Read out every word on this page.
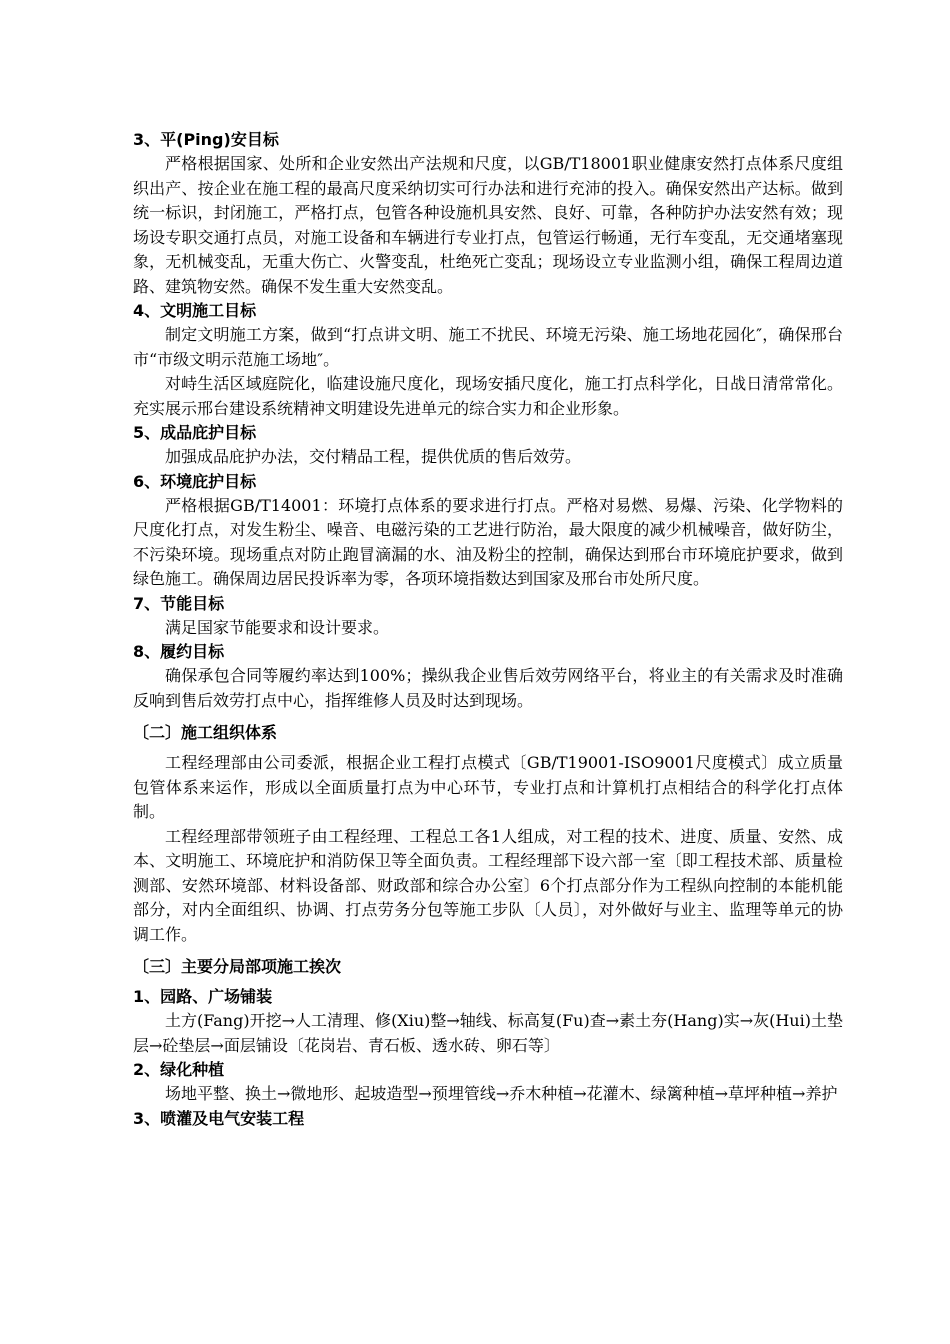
3、平(Ping)安目标

严格根据国家、处所和企业安然出产法规和尺度，以GB/T18001职业健康安然打点体系尺度组织出产、按企业在施工程的最高尺度采纳切实可行办法和进行充沛的投入。确保安然出产达标。做到统一标识，封闭施工，严格打点，包管各种设施机具安然、良好、可靠，各种防护办法安然有效；现场设专职交通打点员，对施工设备和车辆进行专业打点，包管运行畅通，无行车变乱，无交通堵塞现象，无机械变乱，无重大伤亡、火警变乱，杜绝死亡变乱；现场设立专业监测小组，确保工程周边道路、建筑物安然。确保不发生重大安然变乱。

4、文明施工目标

制定文明施工方案，做到“打点讲文明、施工不扰民、环境无污染、施工场地花园化″，确保邢台市“市级文明示范施工场地″。

对峙生活区域庭院化，临建设施尺度化，现场安插尺度化，施工打点科学化，日战日清常常化。充实展示邢台建设系统精神文明建设先进单元的综合实力和企业形象。

5、成品庇护目标

加强成品庇护办法，交付精品工程，提供优质的售后效劳。

6、环境庇护目标

严格根据GB/T14001：环境打点体系的要求进行打点。严格对易燃、易爆、污染、化学物料的尺度化打点，对发生粉尘、噪音、电磁污染的工艺进行防治，最大限度的减少机械噪音，做好防尘，不污染环境。现场重点对防止跑冒滴漏的水、油及粉尘的控制，确保达到邢台市环境庇护要求，做到绿色施工。确保周边居民投诉率为零，各项环境指数达到国家及邢台市处所尺度。

7、节能目标

满足国家节能要求和设计要求。

8、履约目标

确保承包合同等履约率达到100%；操纵我企业售后效劳网络平台，将业主的有关需求及时准确反响到售后效劳打点中心，指挥维修人员及时达到现场。

〔二〕施工组织体系

工程经理部由公司委派，根据企业工程打点模式〔GB/T19001-ISO9001尺度模式〕成立质量包管体系来运作，形成以全面质量打点为中心环节，专业打点和计算机打点相结合的科学化打点体制。

工程经理部带领班子由工程经理、工程总工各1人组成，对工程的技术、进度、质量、安然、成本、文明施工、环境庇护和消防保卫等全面负责。工程经理部下设六部一室〔即工程技术部、质量检测部、安然环境部、材料设备部、财政部和综合办公室〕6个打点部分作为工程纵向控制的本能机能部分，对内全面组织、协调、打点劳务分包等施工步队〔人员〕，对外做好与业主、监理等单元的协调工作。

〔三〕主要分局部项施工挨次
1、园路、广场铺装

土方(Fang)开挖→人工清理、修(Xiu)整→轴线、标高复(Fu)查→素土夯(Hang)实→灰(Hui)土垫层→砼垫层→面层铺设〔花岗岩、青石板、透水砖、卵石等〕

2、绿化种植

场地平整、换土→微地形、起坡造型→预埋管线→乔木种植→花灌木、绿篱种植→草坪种植→养护

3、喷灌及电气安装工程
